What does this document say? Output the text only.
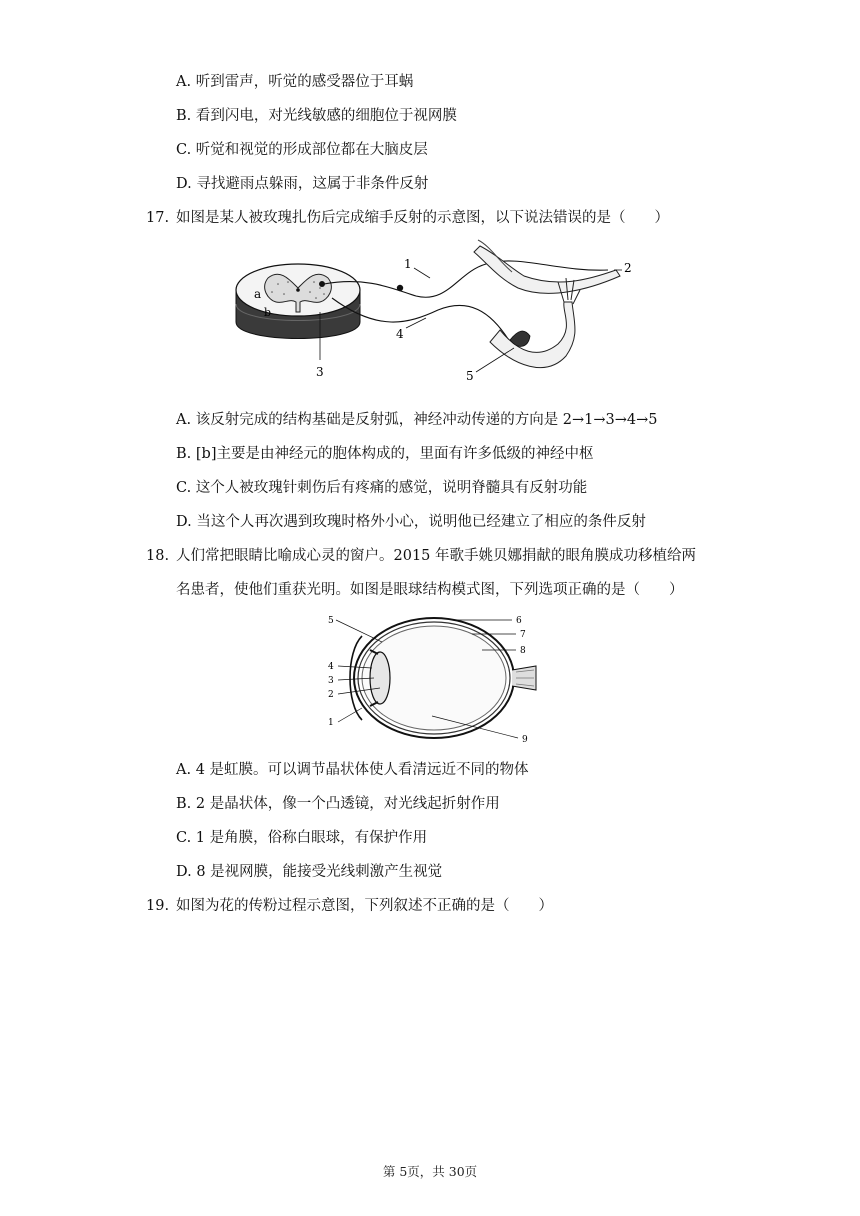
A. 听到雷声，听觉的感受器位于耳蜗
B. 看到闪电，对光线敏感的细胞位于视网膜
C. 听觉和视觉的形成部位都在大脑皮层
D. 寻找避雨点躲雨，这属于非条件反射
17. 如图是某人被玫瑰扎伤后完成缩手反射的示意图，以下说法错误的是（　　）
a
b
1	2
3
4
5
A. 该反射完成的结构基础是反射弧，神经冲动传递的方向是 2→1→3→4→5
B. [b]主要是由神经元的胞体构成的，里面有许多低级的神经中枢
C. 这个人被玫瑰针刺伤后有疼痛的感觉，说明脊髓具有反射功能
D. 当这个人再次遇到玫瑰时格外小心，说明他已经建立了相应的条件反射
18. 人们常把眼睛比喻成心灵的窗户。2015 年歌手姚贝娜捐献的眼角膜成功移植给两
名患者，使他们重获光明。如图是眼球结构模式图，下列选项正确的是（　　）
5
4
3
2
1
6
7
8
9
A. 4 是虹膜。可以调节晶状体使人看清远近不同的物体
B. 2 是晶状体，像一个凸透镜，对光线起折射作用
C. 1 是角膜，俗称白眼球，有保护作用
D. 8 是视网膜，能接受光线刺激产生视觉
19. 如图为花的传粉过程示意图，下列叙述不正确的是（　　）
第 5页，共 30页
